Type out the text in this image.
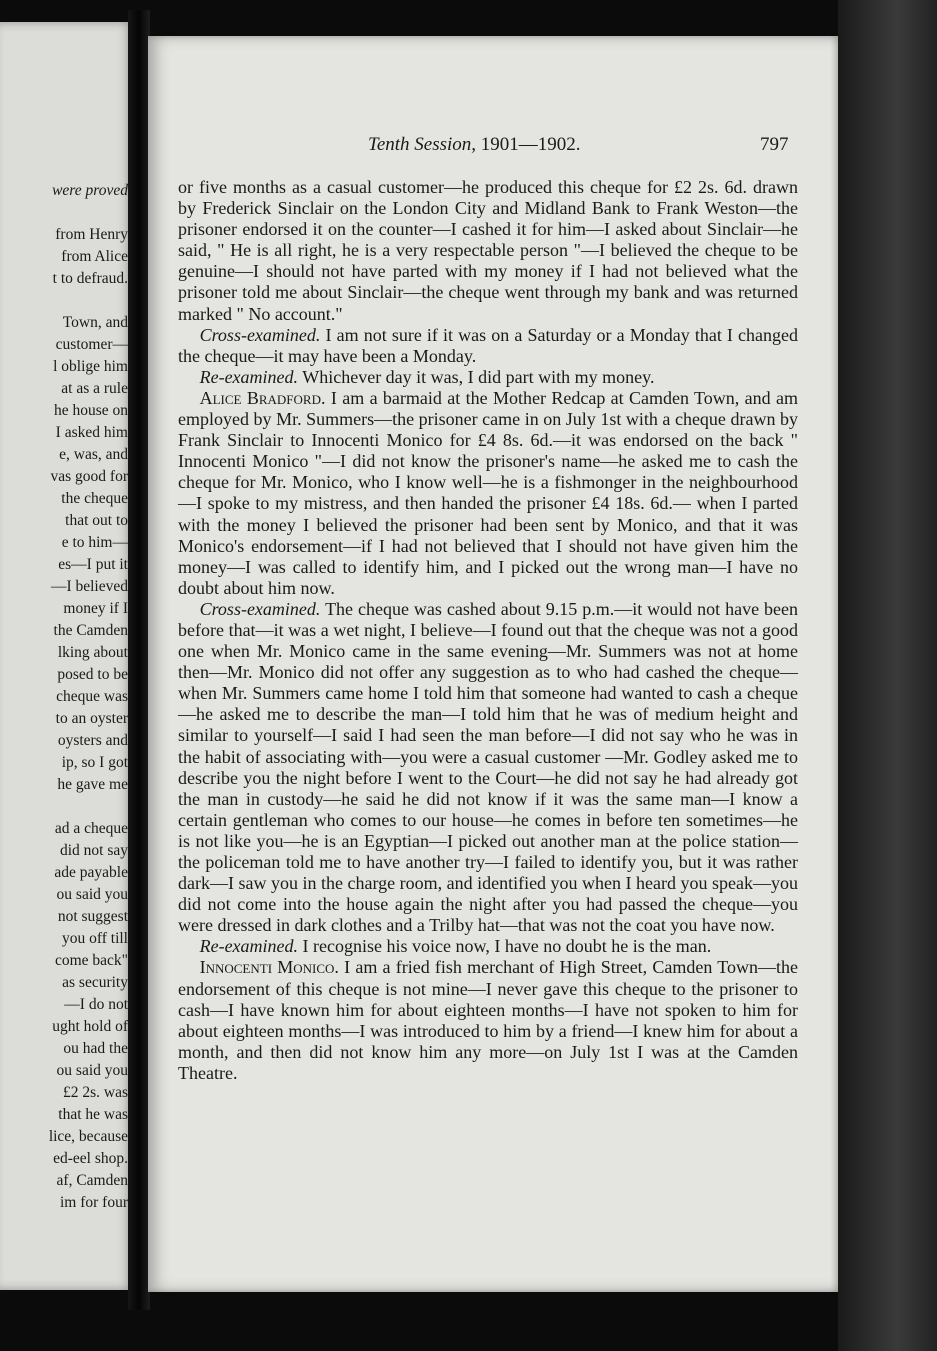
were proved

from Henry
from Alice
t to defraud.

Town, and
customer—
l oblige him
at as a rule
he house on
I asked him
e, was, and
vas good for
the cheque
that out to
e to him—
es—I put it
—I believed
money if I
the Camden
lking about
posed to be
cheque was
to an oyster
oysters and
ip, so I got
he gave me

ad a cheque
did not say
ade payable
ou said you
not suggest
you off till
come back"
as security
—I do not
ught hold of
ou had the
ou said you
£2 2s. was
that he was
lice, because
ed-eel shop.
af, Camden
im for four
Tenth Session, 1901—1902.	797

or five months as a casual customer—he produced this cheque for £2 2s. 6d. drawn by Frederick Sinclair on the London City and Midland Bank to Frank Weston—the prisoner endorsed it on the counter—I cashed it for him—I asked about Sinclair—he said, " He is all right, he is a very respectable person "—I believed the cheque to be genuine—I should not have parted with my money if I had not believed what the prisoner told me about Sinclair—the cheque went through my bank and was returned marked " No account."

Cross-examined. I am not sure if it was on a Saturday or a Monday that I changed the cheque—it may have been a Monday.

Re-examined. Whichever day it was, I did part with my money.

Alice Bradford. I am a barmaid at the Mother Redcap at Camden Town, and am employed by Mr. Summers—the prisoner came in on July 1st with a cheque drawn by Frank Sinclair to Innocenti Monico for £4 8s. 6d.—it was endorsed on the back " Innocenti Monico "—I did not know the prisoner's name—he asked me to cash the cheque for Mr. Monico, who I know well—he is a fishmonger in the neighbourhood —I spoke to my mistress, and then handed the prisoner £4 18s. 6d.— when I parted with the money I believed the prisoner had been sent by Monico, and that it was Monico's endorsement—if I had not believed that I should not have given him the money—I was called to identify him, and I picked out the wrong man—I have no doubt about him now.

Cross-examined. The cheque was cashed about 9.15 p.m.—it would not have been before that—it was a wet night, I believe—I found out that the cheque was not a good one when Mr. Monico came in the same evening—Mr. Summers was not at home then—Mr. Monico did not offer any suggestion as to who had cashed the cheque—when Mr. Summers came home I told him that someone had wanted to cash a cheque—he asked me to describe the man—I told him that he was of medium height and similar to yourself—I said I had seen the man before—I did not say who he was in the habit of associating with—you were a casual customer —Mr. Godley asked me to describe you the night before I went to the Court—he did not say he had already got the man in custody—he said he did not know if it was the same man—I know a certain gentleman who comes to our house—he comes in before ten sometimes—he is not like you—he is an Egyptian—I picked out another man at the police station—the policeman told me to have another try—I failed to identify you, but it was rather dark—I saw you in the charge room, and identified you when I heard you speak—you did not come into the house again the night after you had passed the cheque—you were dressed in dark clothes and a Trilby hat—that was not the coat you have now.

Re-examined. I recognise his voice now, I have no doubt he is the man.

Innocenti Monico. I am a fried fish merchant of High Street, Camden Town—the endorsement of this cheque is not mine—I never gave this cheque to the prisoner to cash—I have known him for about eighteen months—I have not spoken to him for about eighteen months—I was introduced to him by a friend—I knew him for about a month, and then did not know him any more—on July 1st I was at the Camden Theatre.
